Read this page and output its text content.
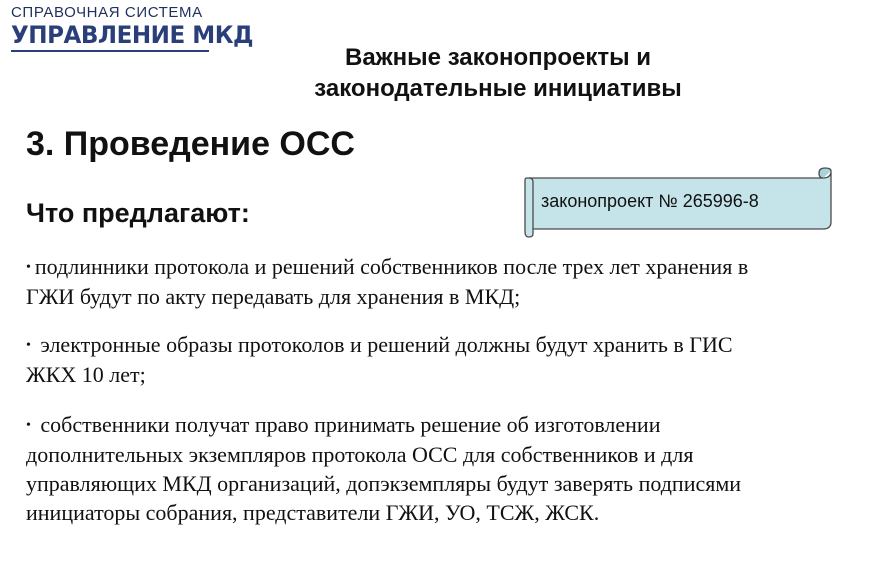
СПРАВОЧНАЯ СИСТЕМА
УПРАВЛЕНИЕ МКД
Важные законопроекты и
законодательные инициативы
3. Проведение ОСС
Что предлагают:	законопроект № 265996-8
• подлинники протокола и решений собственников после трех лет хранения в
ГЖИ будут по акту передавать для хранения в МКД;
• электронные образы протоколов и решений должны будут хранить в ГИС
ЖКХ 10 лет;
• собственники получат право принимать решение об изготовлении
дополнительных экземпляров протокола ОСС для собственников и для
управляющих МКД организаций, допэкземпляры будут заверять подписями
инициаторы собрания, представители ГЖИ, УО, ТСЖ, ЖСК.
